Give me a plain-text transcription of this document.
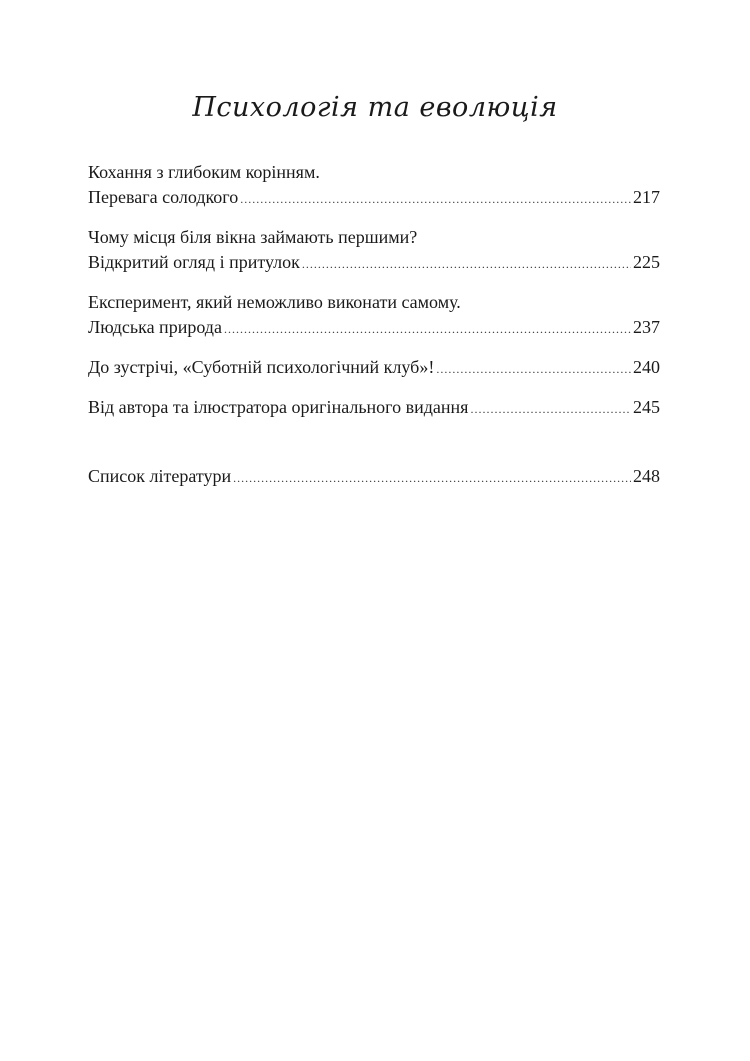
Психологія та еволюція
Кохання з глибоким корінням.
Перевага солодкого .....	217
Чому місця біля вікна займають першими?
Відкритий огляд і притулок .....	225
Експеримент, який неможливо виконати самому.
Людська природа .....	237
До зустрічі, «Суботній психологічний клуб»! .....	240
Від автора та ілюстратора оригінального видання .....	245
Список літератури .....	248
